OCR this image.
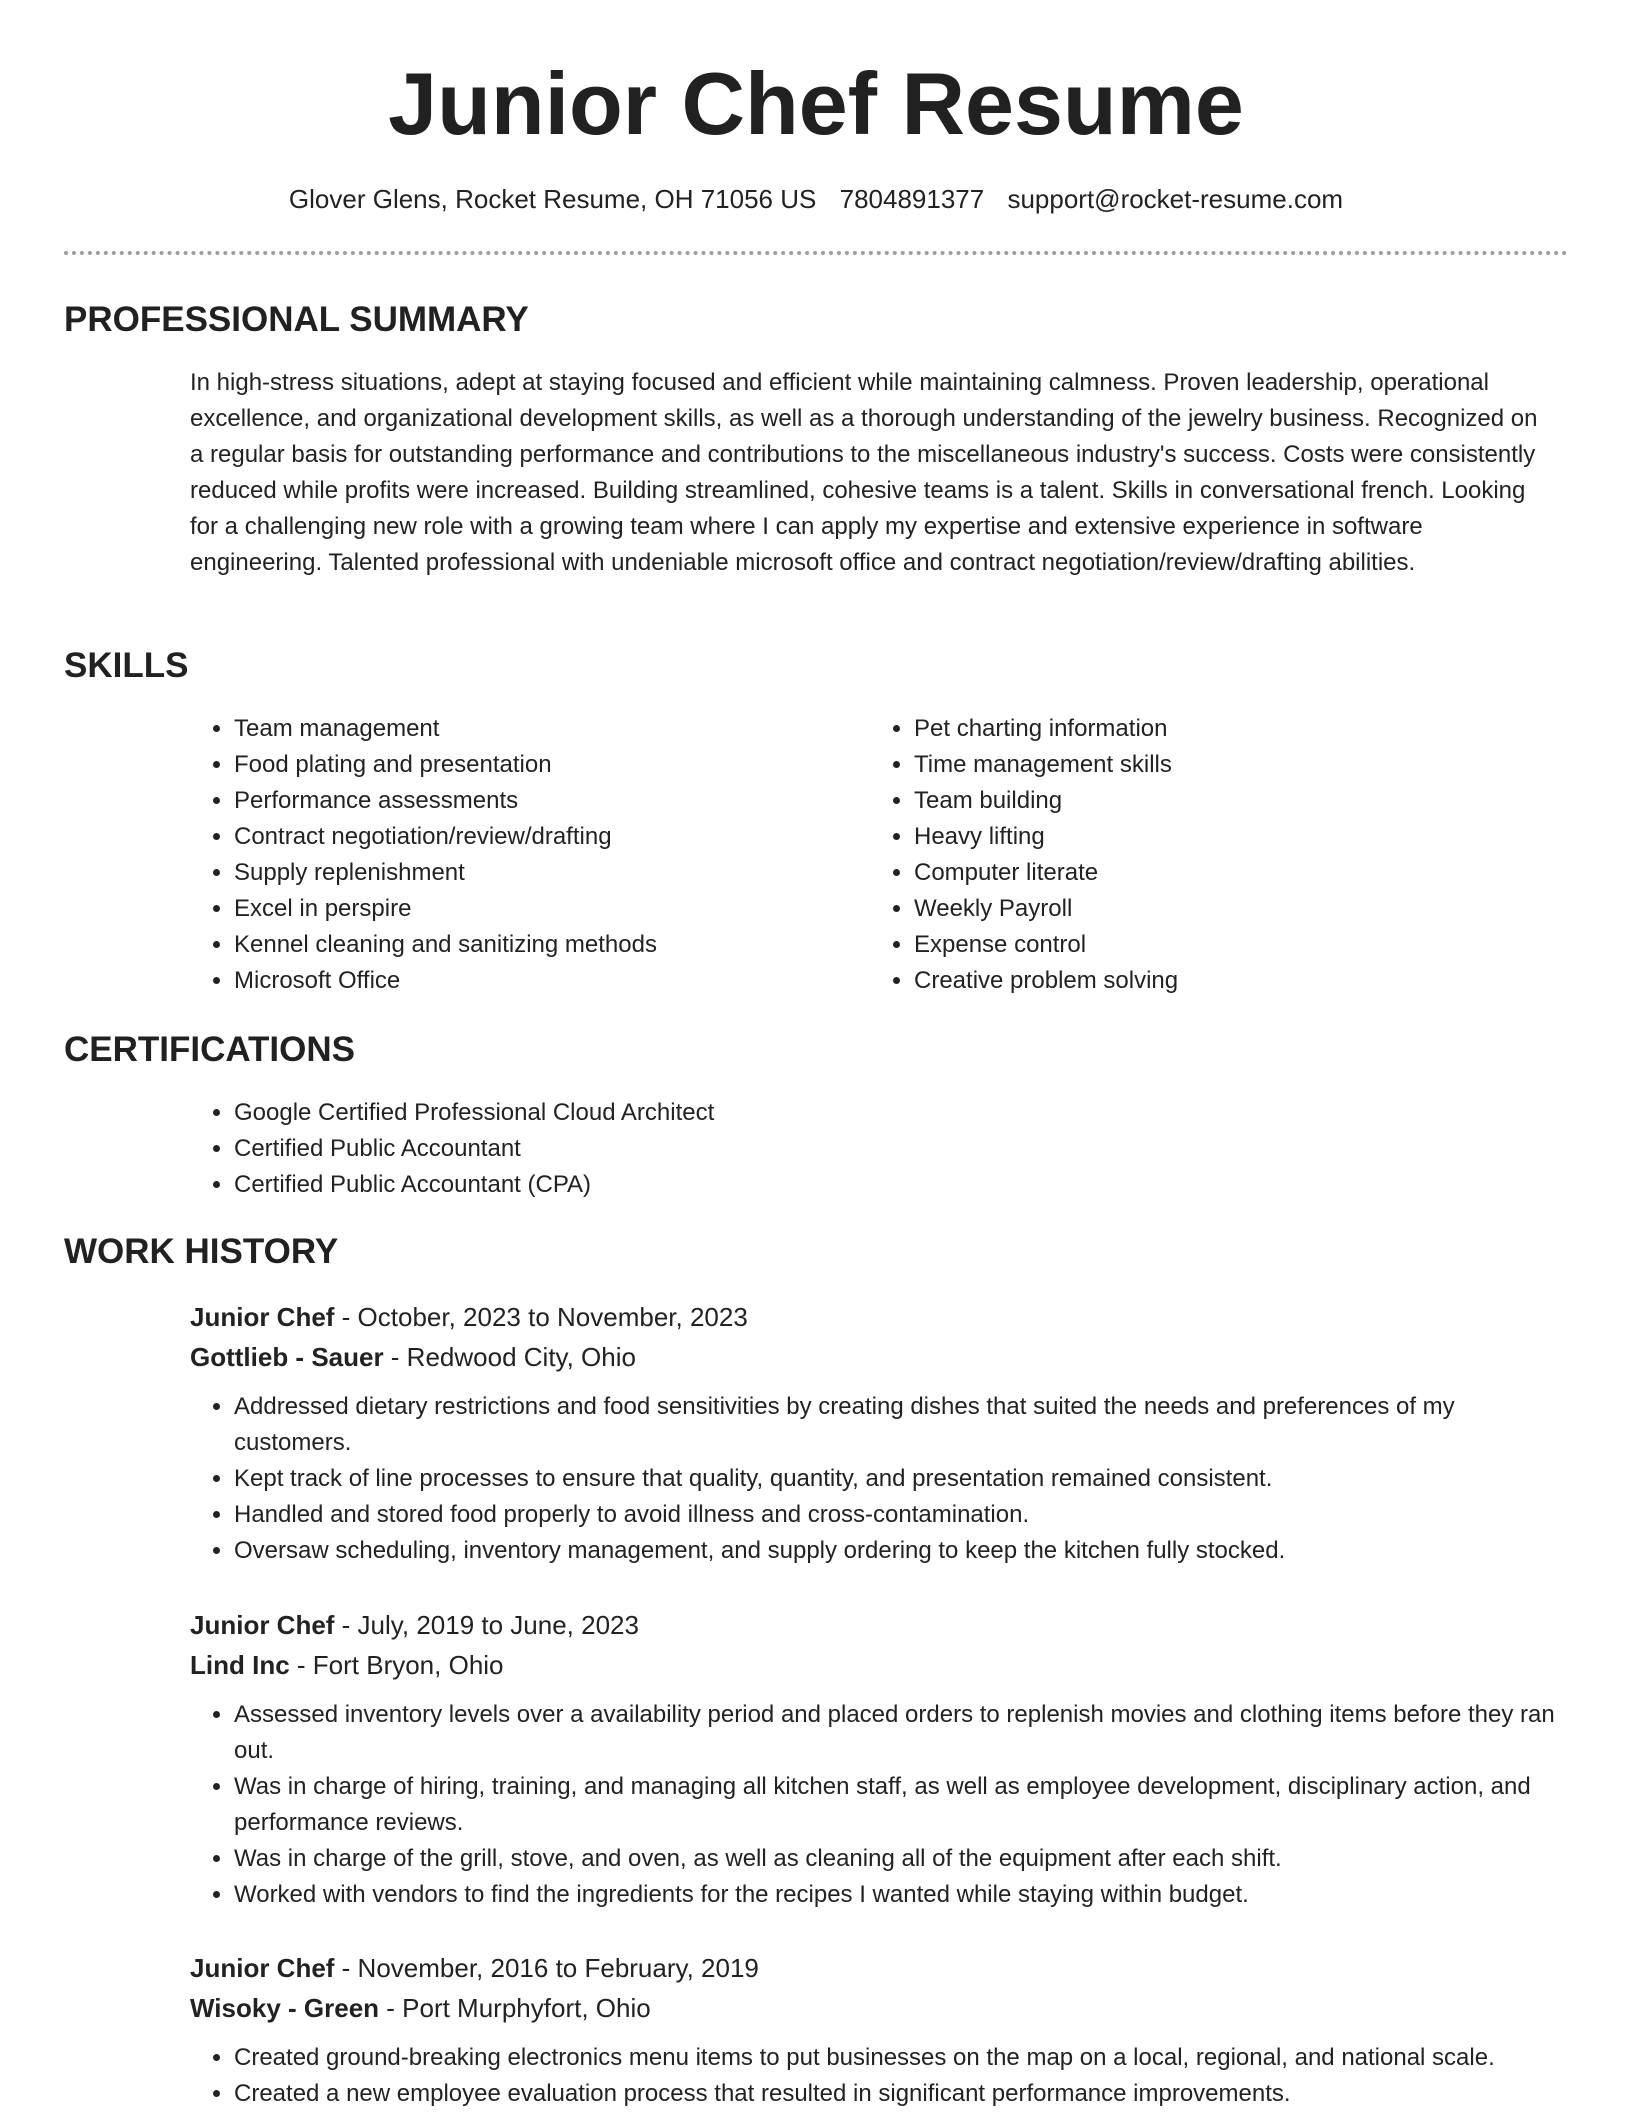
Junior Chef Resume
Glover Glens, Rocket Resume, OH 71056 US 7804891377 support@rocket-resume.com
PROFESSIONAL SUMMARY

In high-stress situations, adept at staying focused and efficient while maintaining calmness. Proven leadership, operational excellence, and organizational development skills, as well as a thorough understanding of the jewelry business. Recognized on a regular basis for outstanding performance and contributions to the miscellaneous industry's success. Costs were consistently reduced while profits were increased. Building streamlined, cohesive teams is a talent. Skills in conversational french. Looking for a challenging new role with a growing team where I can apply my expertise and extensive experience in software engineering. Talented professional with undeniable microsoft office and contract negotiation/review/drafting abilities.

SKILLS
• Team management
• Food plating and presentation
• Performance assessments
• Contract negotiation/review/drafting
• Supply replenishment
• Excel in perspire
• Kennel cleaning and sanitizing methods
• Microsoft Office
• Pet charting information
• Time management skills
• Team building
• Heavy lifting
• Computer literate
• Weekly Payroll
• Expense control
• Creative problem solving
CERTIFICATIONS
• Google Certified Professional Cloud Architect
• Certified Public Accountant
• Certified Public Accountant (CPA)
WORK HISTORY
Junior Chef - October, 2023 to November, 2023
Gottlieb - Sauer - Redwood City, Ohio
• Addressed dietary restrictions and food sensitivities by creating dishes that suited the needs and preferences of my customers.
• Kept track of line processes to ensure that quality, quantity, and presentation remained consistent.
• Handled and stored food properly to avoid illness and cross-contamination.
• Oversaw scheduling, inventory management, and supply ordering to keep the kitchen fully stocked.
Junior Chef - July, 2019 to June, 2023
Lind Inc - Fort Bryon, Ohio
• Assessed inventory levels over a availability period and placed orders to replenish movies and clothing items before they ran out.
• Was in charge of hiring, training, and managing all kitchen staff, as well as employee development, disciplinary action, and performance reviews.
• Was in charge of the grill, stove, and oven, as well as cleaning all of the equipment after each shift.
• Worked with vendors to find the ingredients for the recipes I wanted while staying within budget.
Junior Chef - November, 2016 to February, 2019
Wisoky - Green - Port Murphyfort, Ohio
• Created ground-breaking electronics menu items to put businesses on the map on a local, regional, and national scale.
• Created a new employee evaluation process that resulted in significant performance improvements.
